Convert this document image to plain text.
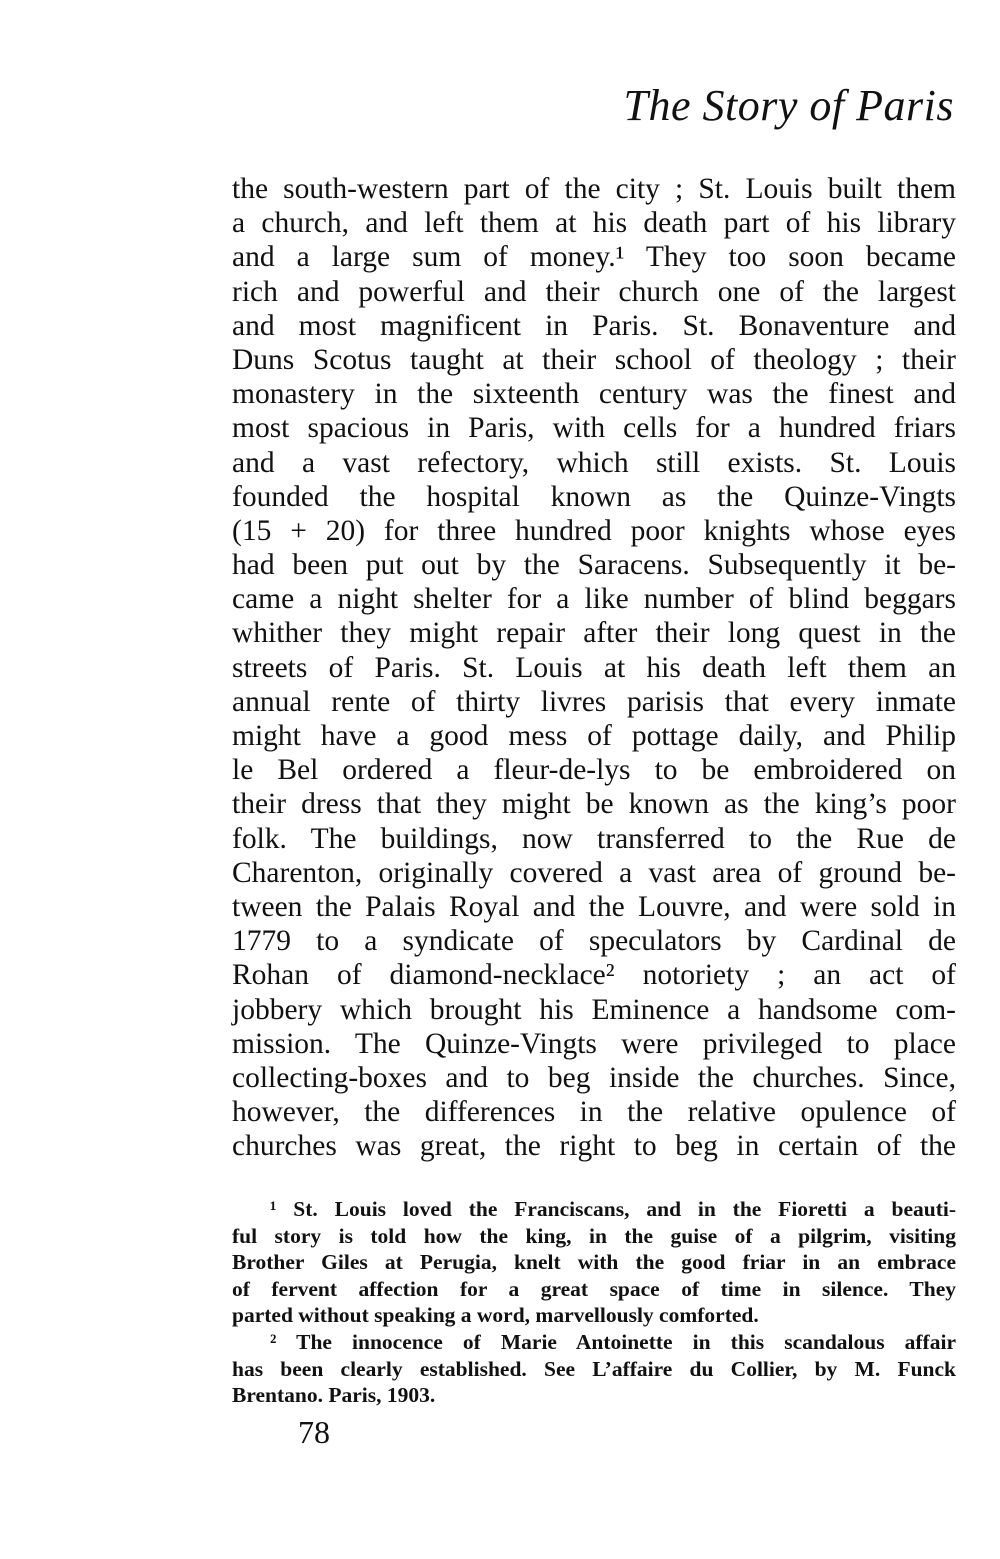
The Story of Paris
the south-western part of the city ; St. Louis built them
a church, and left them at his death part of his library
and a large sum of money.¹ They too soon became
rich and powerful and their church one of the largest
and most magnificent in Paris. St. Bonaventure and
Duns Scotus taught at their school of theology ; their
monastery in the sixteenth century was the finest and
most spacious in Paris, with cells for a hundred friars
and a vast refectory, which still exists. St. Louis
founded the hospital known as the Quinze-Vingts
(15 + 20) for three hundred poor knights whose eyes
had been put out by the Saracens. Subsequently it be-
came a night shelter for a like number of blind beggars
whither they might repair after their long quest in the
streets of Paris. St. Louis at his death left them an
annual rente of thirty livres parisis that every inmate
might have a good mess of pottage daily, and Philip
le Bel ordered a fleur-de-lys to be embroidered on
their dress that they might be known as the king’s poor
folk. The buildings, now transferred to the Rue de
Charenton, originally covered a vast area of ground be-
tween the Palais Royal and the Louvre, and were sold in
1779 to a syndicate of speculators by Cardinal de
Rohan of diamond-necklace² notoriety ; an act of
jobbery which brought his Eminence a handsome com-
mission. The Quinze-Vingts were privileged to place
collecting-boxes and to beg inside the churches. Since,
however, the differences in the relative opulence of
churches was great, the right to beg in certain of the
¹ St. Louis loved the Franciscans, and in the Fioretti a beauti-
ful story is told how the king, in the guise of a pilgrim, visiting
Brother Giles at Perugia, knelt with the good friar in an embrace
of fervent affection for a great space of time in silence. They
parted without speaking a word, marvellously comforted.
² The innocence of Marie Antoinette in this scandalous affair
has been clearly established. See L’affaire du Collier, by M. Funck
Brentano. Paris, 1903.
78
